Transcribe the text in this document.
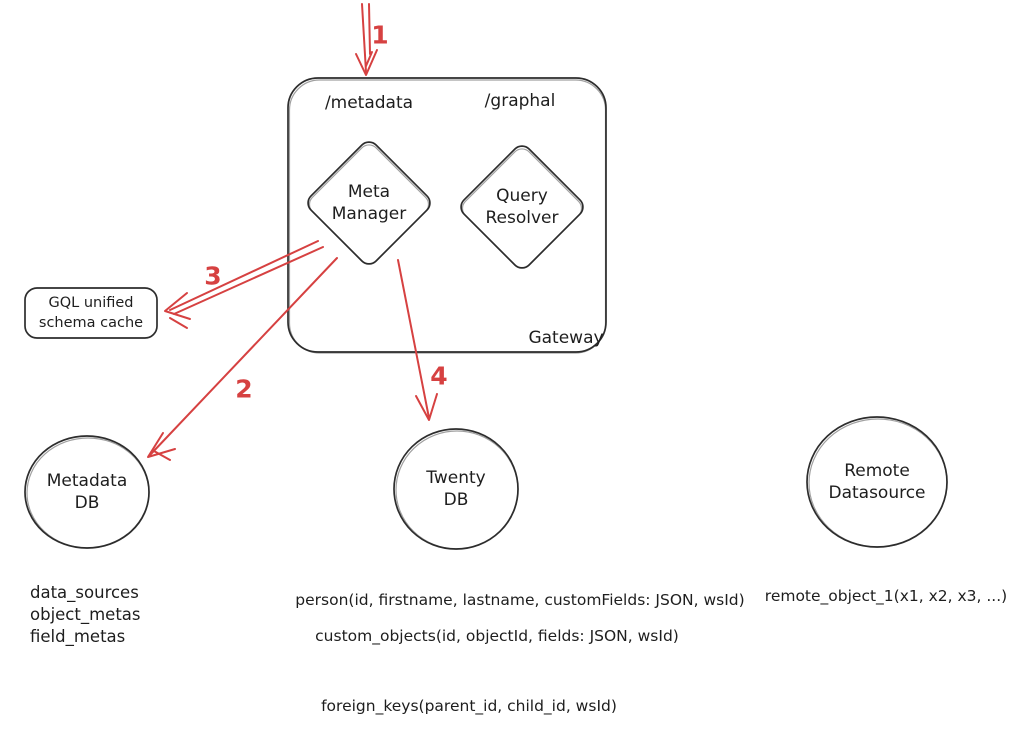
/metadata	/graphal
Gateway
Meta
Manager
Query
Resolver
GQL unified
schema cache
Metadata
DB
Twenty
DB
Remote
Datasource
data_sources
object_metas
field_metas
person(id, firstname, lastname, customFields: JSON, wsId)
custom_objects(id, objectId, fields: JSON, wsId)
foreign_keys(parent_id, child_id, wsId)
remote_object_1(x1, x2, x3, ...)
1
2
3
4
